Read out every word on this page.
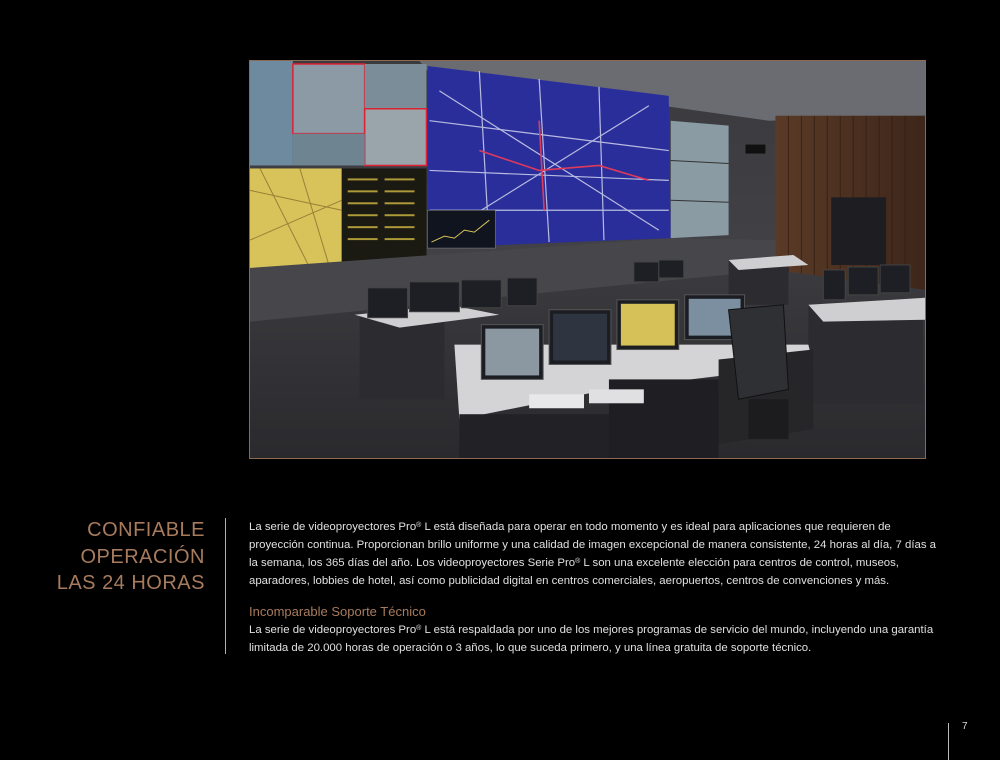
CONFIABLE
OPERACIÓN
LAS 24 HORAS

La serie de videoproyectores Pro® L está diseñada para operar en todo momento y es ideal para aplicaciones que requieren de proyección continua. Proporcionan brillo uniforme y una calidad de imagen excepcional de manera consistente, 24 horas al día, 7 días a la semana, los 365 días del año. Los videoproyectores Serie Pro® L son una excelente elección para centros de control, museos, aparadores, lobbies de hotel, así como publicidad digital en centros comerciales, aeropuertos, centros de convenciones y más.

Incomparable Soporte Técnico

La serie de videoproyectores Pro® L está respaldada por uno de los mejores programas de servicio del mundo, incluyendo una garantía limitada de 20.000 horas de operación o 3 años, lo que suceda primero, y una línea gratuita de soporte técnico.

7
